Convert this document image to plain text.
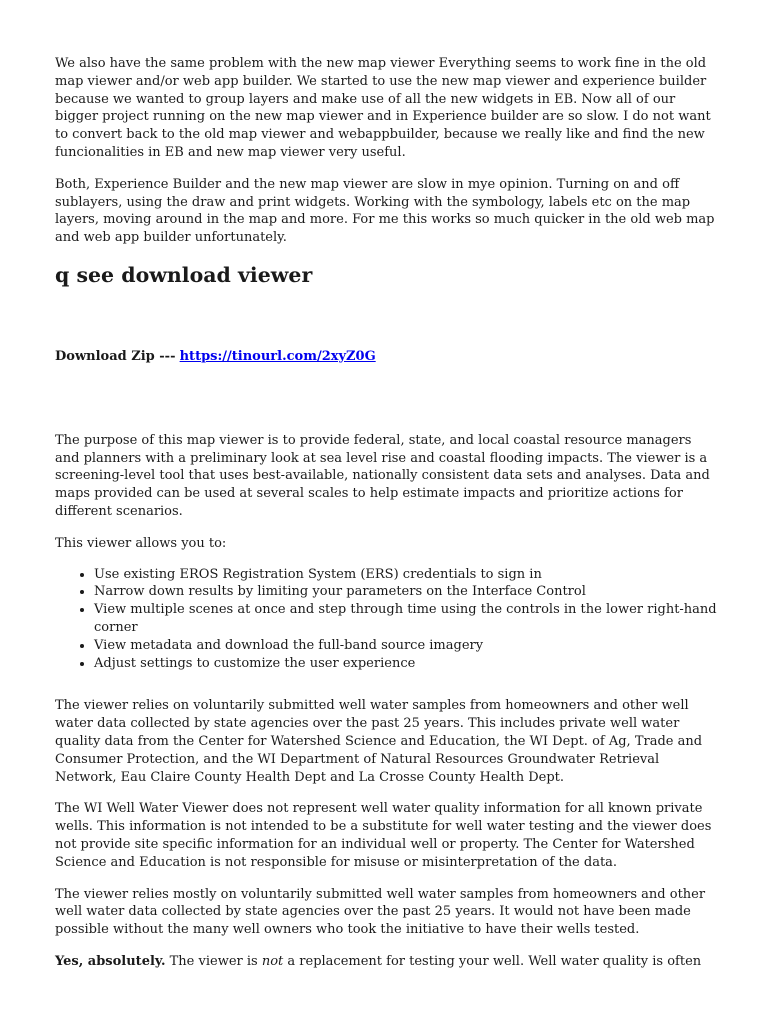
We also have the same problem with the new map viewer Everything seems to work fine in the old map viewer and/or web app builder. We started to use the new map viewer and experience builder because we wanted to group layers and make use of all the new widgets in EB. Now all of our bigger project running on the new map viewer and in Experience builder are so slow. I do not want to convert back to the old map viewer and webappbuilder, because we really like and find the new funcionalities in EB and new map viewer very useful.

Both, Experience Builder and the new map viewer are slow in mye opinion. Turning on and off sublayers, using the draw and print widgets. Working with the symbology, labels etc on the map layers, moving around in the map and more. For me this works so much quicker in the old web map and web app builder unfortunately.

q see download viewer
Download Zip --- https://tinourl.com/2xyZ0G

The purpose of this map viewer is to provide federal, state, and local coastal resource managers and planners with a preliminary look at sea level rise and coastal flooding impacts. The viewer is a screening-level tool that uses best-available, nationally consistent data sets and analyses. Data and maps provided can be used at several scales to help estimate impacts and prioritize actions for different scenarios.

This viewer allows you to:

• Use existing EROS Registration System (ERS) credentials to sign in
• Narrow down results by limiting your parameters on the Interface Control
• View multiple scenes at once and step through time using the controls in the lower right-hand corner
• View metadata and download the full-band source imagery
• Adjust settings to customize the user experience

The viewer relies on voluntarily submitted well water samples from homeowners and other well water data collected by state agencies over the past 25 years. This includes private well water quality data from the Center for Watershed Science and Education, the WI Dept. of Ag, Trade and Consumer Protection, and the WI Department of Natural Resources Groundwater Retrieval Network, Eau Claire County Health Dept and La Crosse County Health Dept.

The WI Well Water Viewer does not represent well water quality information for all known private wells. This information is not intended to be a substitute for well water testing and the viewer does not provide site specific information for an individual well or property. The Center for Watershed Science and Education is not responsible for misuse or misinterpretation of the data.

The viewer relies mostly on voluntarily submitted well water samples from homeowners and other well water data collected by state agencies over the past 25 years. It would not have been made possible without the many well owners who took the initiative to have their wells tested.

Yes, absolutely. The viewer is not a replacement for testing your well. Well water quality is often
